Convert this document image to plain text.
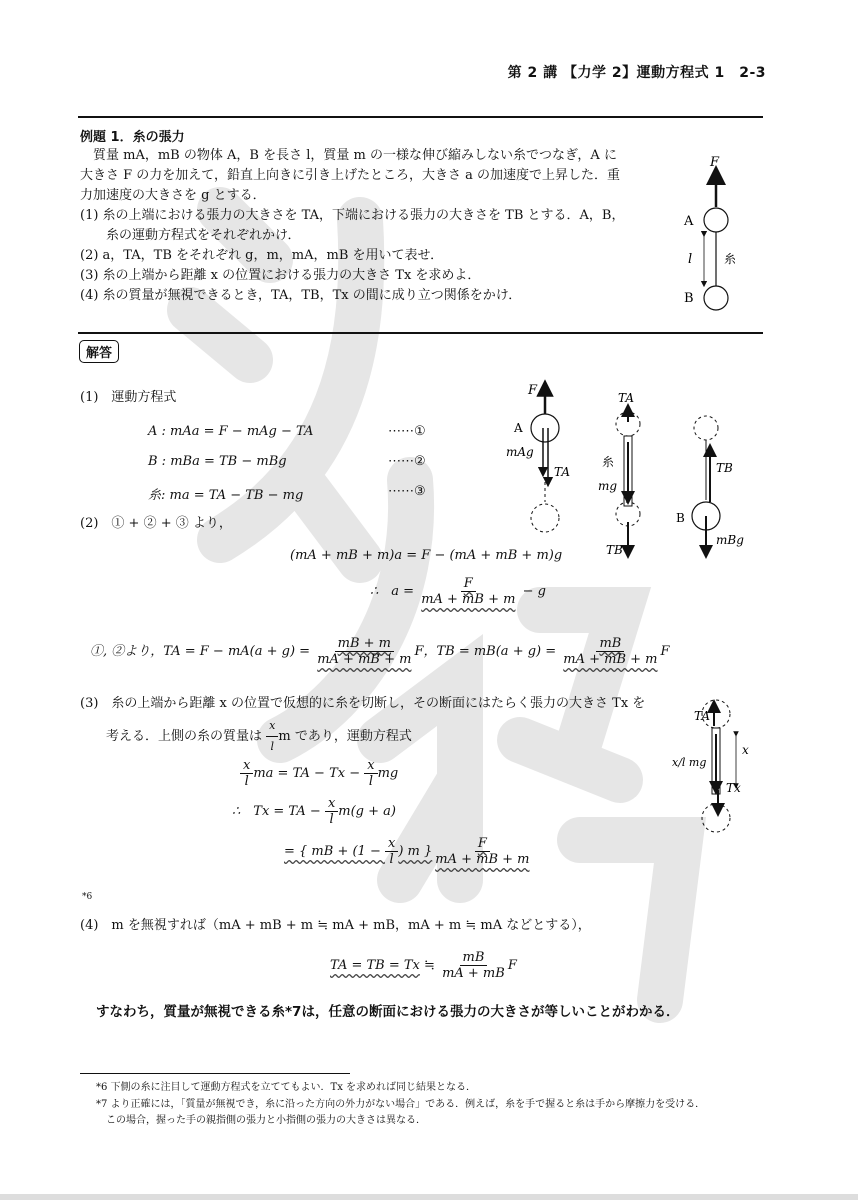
第 2 講 【力学 2】運動方程式 1　2-3
例題 1．糸の張力
　質量 mA，mB の物体 A，B を長さ l，質量 m の一様な伸び縮みしない糸でつなぎ，A に
大きさ F の力を加えて，鉛直上向きに引き上げたところ，大きさ a の加速度で上昇した．重
力加速度の大きさを g とする．
(1) 糸の上端における張力の大きさを TA，下端における張力の大きさを TB とする．A，B，
　　糸の運動方程式をそれぞれかけ．
(2) a，TA，TB をそれぞれ g，m，mA，mB を用いて表せ．
(3) 糸の上端から距離 x の位置における張力の大きさ Tx を求めよ．
(4) 糸の質量が無視できるとき，TA，TB，Tx の間に成り立つ関係をかけ．
F
A
l	糸
B
解答
(1)　運動方程式
A : mAa = F − mAg − TA	⋯⋯①
B : mBa = TB − mBg	⋯⋯②
糸: ma = TA − TB − mg	⋯⋯③
(2)　① + ② + ③ より，
(mA + mB + m)a = F − (mA + mB + m)g
∴　$a = \frac{F}{mA + mB + m} - g$
①, ②より，TA = $F - mA(a + g) = \frac{mB + m}{mA + mB + m}$ F，TB = $mB(a + g) = \frac{mB}{mA + mB + m}$ F
(3)　糸の上端から距離 x の位置で仮想的に糸を切断し，その断面にはたらく張力の大きさ Tx を
　　考える．上側の糸の質量は $\frac{x}{l}$ m であり，運動方程式
$\frac{x}{l}$ ma = TA − $Tx - \frac{x}{l}$ mg
∴　Tx = TA − $\frac{x}{l} m(g + a)$
= { mB + ($1 - \frac{x}{l}$ ) m } $\frac{F}{mA + mB + m}$
*6
(4)　m を無視すれば（mA + mB + m ≒ mA + mB，mA + m ≒ mA などとする），
TA = TB = Tx ≒ $\frac{mB}{mA + mB}$ F
すなわち，質量が無視できる糸*7は，任意の断面における張力の大きさが等しいことがわかる．
F
A
mAg
TA
TA
糸
mg
TB
TB
B
mBg
TA
x
x/l mg
Tx
*6 下側の糸に注目して運動方程式を立ててもよい．Tx を求めれば同じ結果となる．
*7 より正確には，「質量が無視でき，糸に沿った方向の外力がない場合」である．例えば，糸を手で握ると糸は手から摩擦力を受ける．
　この場合，握った手の親指側の張力と小指側の張力の大きさは異なる．
